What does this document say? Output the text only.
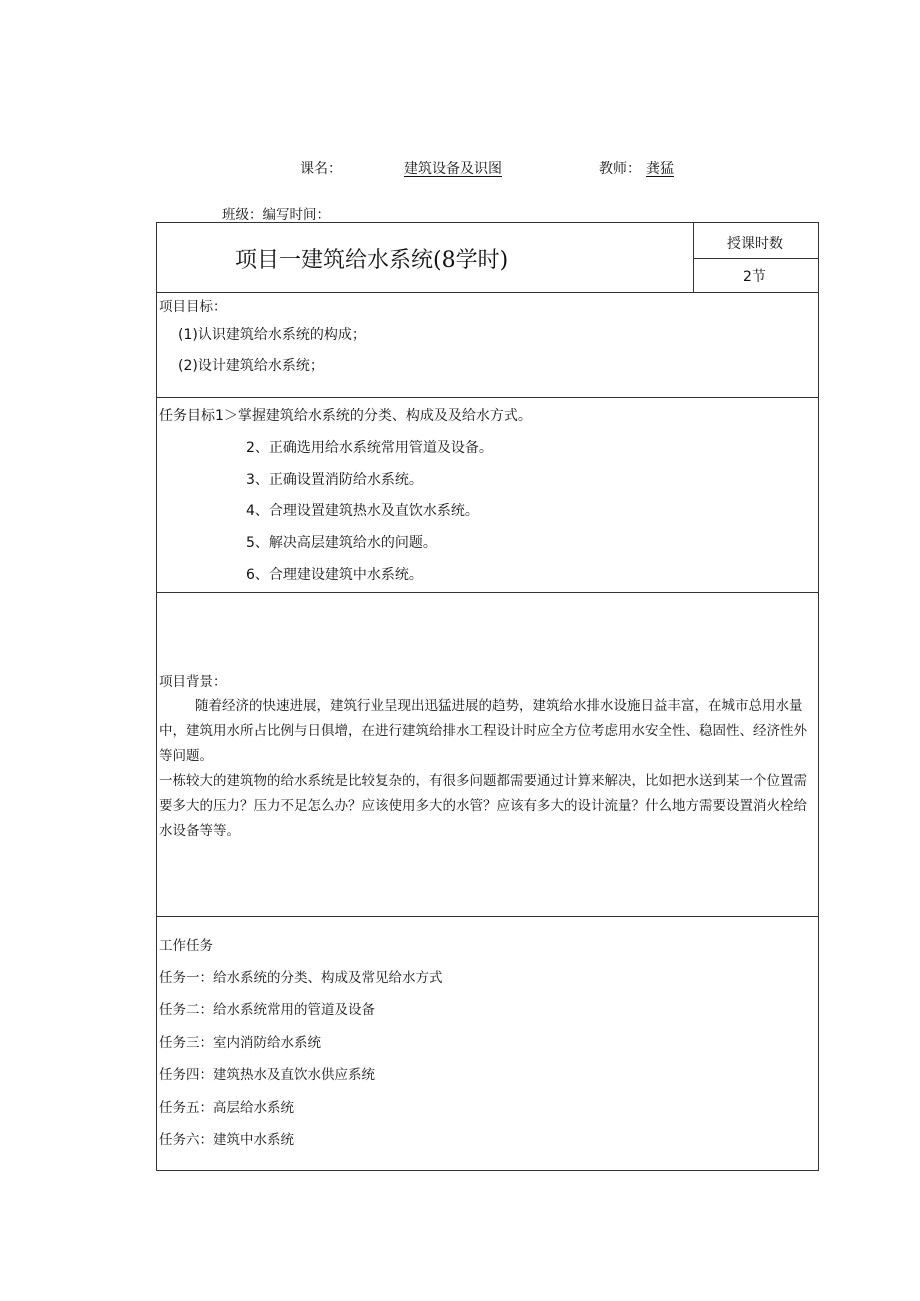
课名：	建筑设备及识图	教师： 龚猛
班级：编写时间：
项目一建筑给水系统(8学时)
授课时数
2节
项目目标：
(1)认识建筑给水系统的构成；
(2)设计建筑给水系统；
任务目标1＞掌握建筑给水系统的分类、构成及及给水方式。
2、正确选用给水系统常用管道及设备。
3、正确设置消防给水系统。
4、合理设置建筑热水及直饮水系统。
5、解决高层建筑给水的问题。
6、合理建设建筑中水系统。
项目背景：
随着经济的快速进展，建筑行业呈现出迅猛进展的趋势，建筑给水排水设施日益丰富，在城市总用水量中，建筑用水所占比例与日俱增，在进行建筑给排水工程设计时应全方位考虑用水安全性、稳固性、经济性外等问题。
一栋较大的建筑物的给水系统是比较复杂的，有很多问题都需要通过计算来解决，比如把水送到某一个位置需要多大的压力？压力不足怎么办？应该使用多大的水管？应该有多大的设计流量？什么地方需要设置消火栓给水设备等等。
工作任务
任务一：给水系统的分类、构成及常见给水方式
任务二：给水系统常用的管道及设备
任务三：室内消防给水系统
任务四：建筑热水及直饮水供应系统
任务五：高层给水系统
任务六：建筑中水系统
